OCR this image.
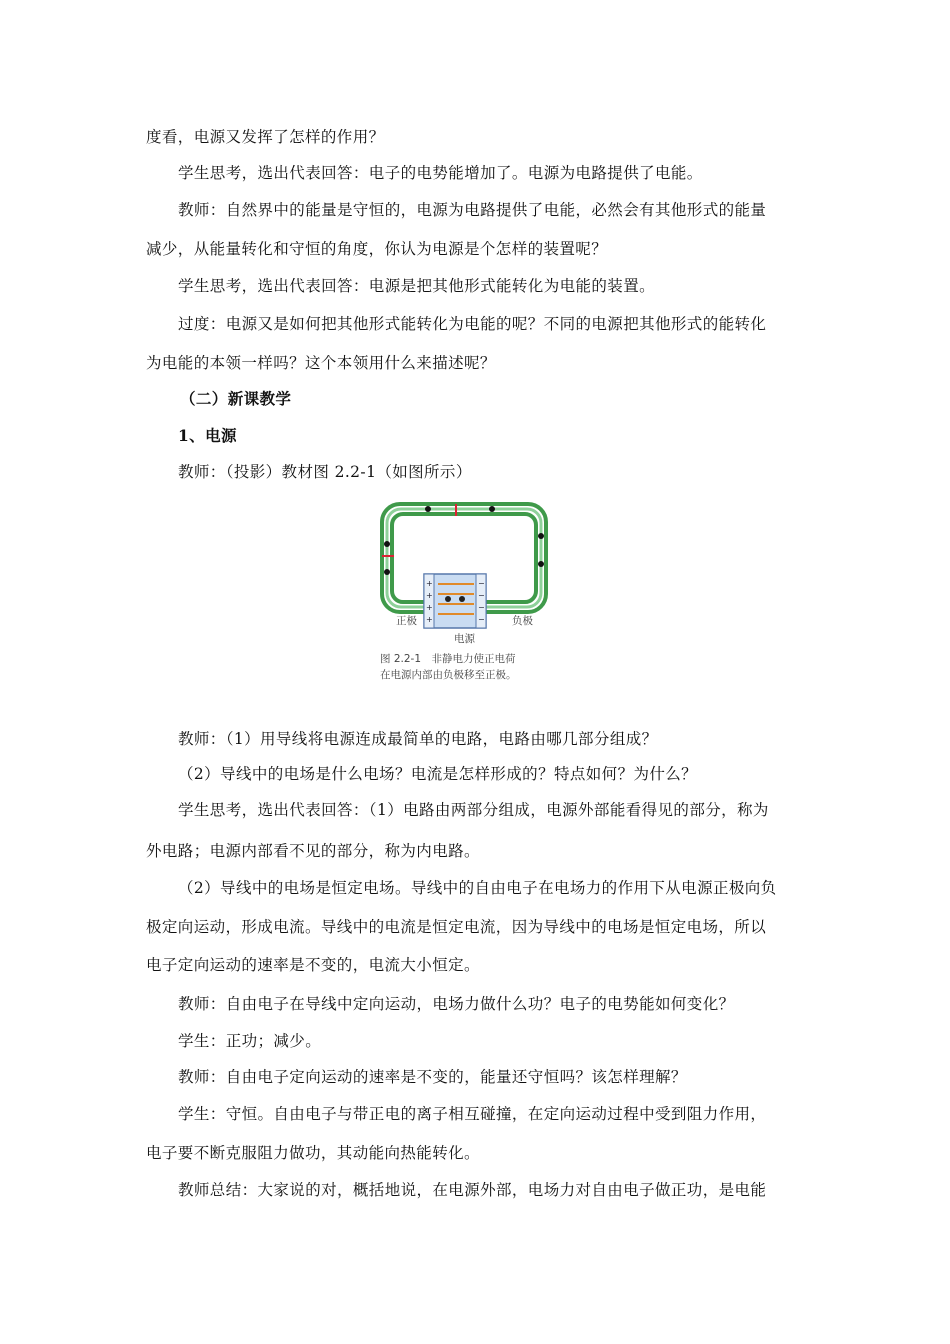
度看，电源又发挥了怎样的作用？
学生思考，选出代表回答：电子的电势能增加了。电源为电路提供了电能。
教师：自然界中的能量是守恒的，电源为电路提供了电能，必然会有其他形式的能量
减少，从能量转化和守恒的角度，你认为电源是个怎样的装置呢？
学生思考，选出代表回答：电源是把其他形式能转化为电能的装置。
过度：电源又是如何把其他形式能转化为电能的呢？不同的电源把其他形式的能转化
为电能的本领一样吗？这个本领用什么来描述呢？
（二）新课教学
1、电源
教师：（投影）教材图 2.2-1（如图所示）
+
+
+
+
−
−
−
−
正极	负极
电源
图 2.2-1　非静电力使正电荷
在电源内部由负极移至正极。
教师：（1）用导线将电源连成最简单的电路，电路由哪几部分组成？
（2）导线中的电场是什么电场？电流是怎样形成的？特点如何？为什么？
学生思考，选出代表回答：（1）电路由两部分组成，电源外部能看得见的部分，称为
外电路；电源内部看不见的部分，称为内电路。
（2）导线中的电场是恒定电场。导线中的自由电子在电场力的作用下从电源正极向负
极定向运动，形成电流。导线中的电流是恒定电流，因为导线中的电场是恒定电场，所以
电子定向运动的速率是不变的，电流大小恒定。
教师：自由电子在导线中定向运动，电场力做什么功？电子的电势能如何变化？
学生：正功；减少。
教师：自由电子定向运动的速率是不变的，能量还守恒吗？该怎样理解？
学生：守恒。自由电子与带正电的离子相互碰撞，在定向运动过程中受到阻力作用，
电子要不断克服阻力做功，其动能向热能转化。
教师总结：大家说的对，概括地说，在电源外部，电场力对自由电子做正功，是电能
